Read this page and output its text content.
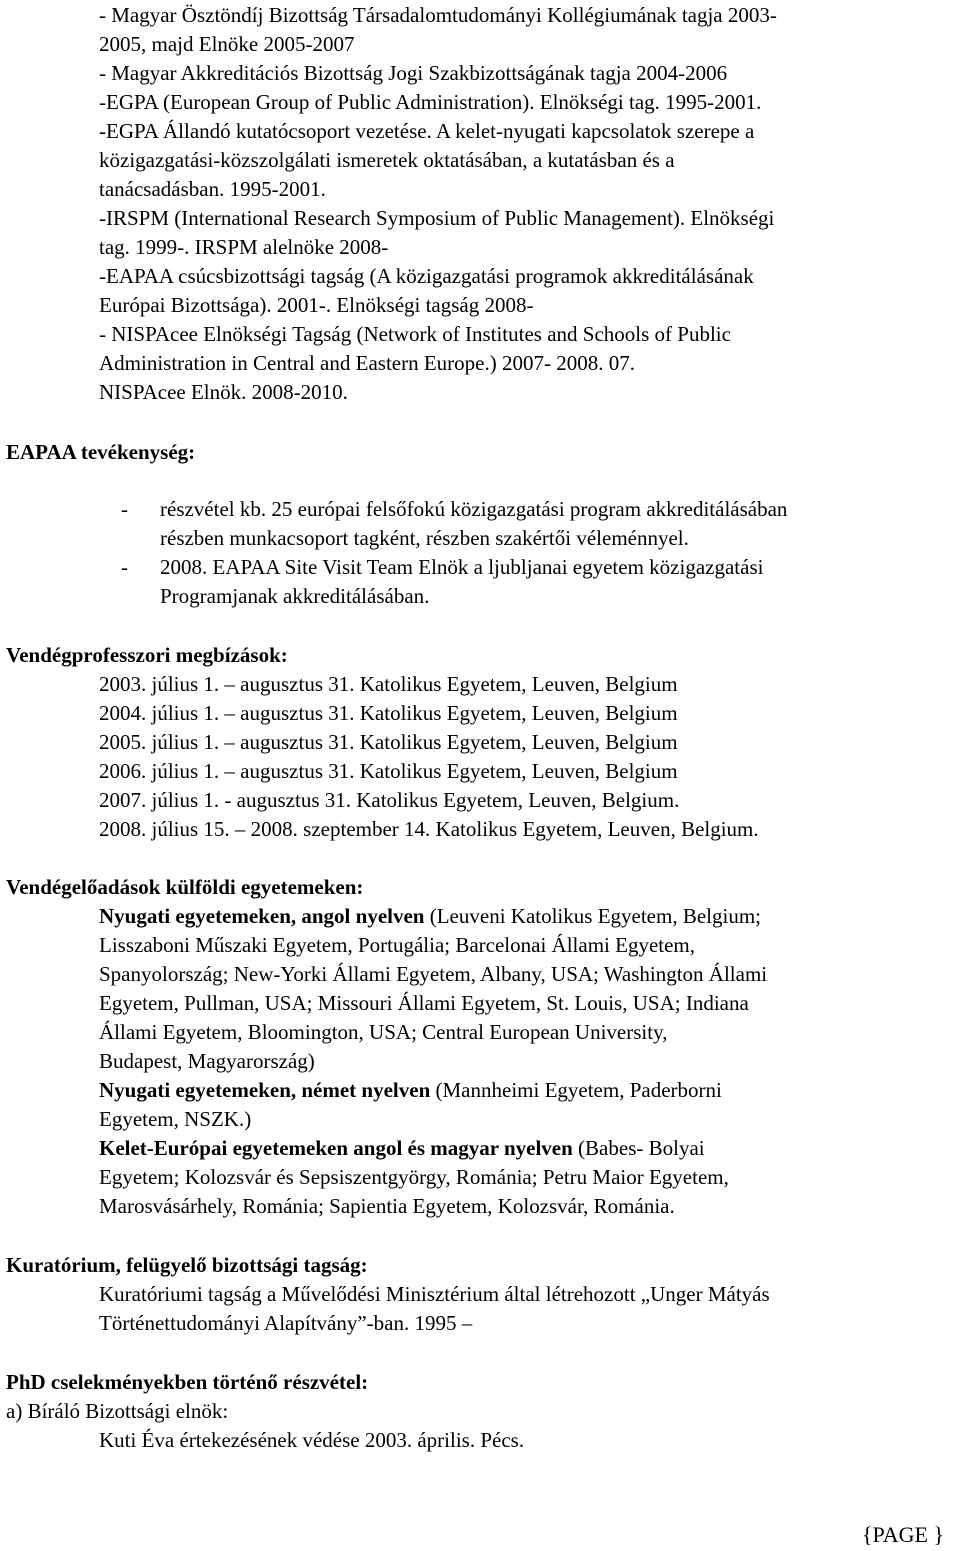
- Magyar Ösztöndíj Bizottság Társadalomtudományi Kollégiumának tagja 2003-
2005, majd Elnöke 2005-2007
- Magyar Akkreditációs Bizottság Jogi Szakbizottságának tagja 2004-2006
-EGPA (European Group of Public Administration). Elnökségi tag. 1995-2001.
-EGPA Állandó kutatócsoport vezetése. A kelet-nyugati kapcsolatok szerepe a
közigazgatási-közszolgálati ismeretek oktatásában, a kutatásban és a
tanácsadásban. 1995-2001.
-IRSPM (International Research Symposium of Public Management). Elnökségi
tag. 1999-. IRSPM alelnöke 2008-
-EAPAA csúcsbizottsági tagság (A közigazgatási programok akkreditálásának
Európai Bizottsága). 2001-. Elnökségi tagság 2008-
- NISPAcee Elnökségi Tagság (Network of Institutes and Schools of Public
Administration in Central and Eastern Europe.) 2007- 2008. 07.
NISPAcee Elnök. 2008-2010.
EAPAA tevékenység:
- részvétel kb. 25 európai felsőfokú közigazgatási program akkreditálásában
részben munkacsoport tagként, részben szakértői véleménnyel.
- 2008. EAPAA Site Visit Team Elnök a ljubljanai egyetem közigazgatási
Programjanak akkreditálásában.
Vendégprofesszori megbízások:
2003. július 1. – augusztus 31. Katolikus Egyetem, Leuven, Belgium
2004. július 1. – augusztus 31. Katolikus Egyetem, Leuven, Belgium
2005. július 1. – augusztus 31. Katolikus Egyetem, Leuven, Belgium
2006. július 1. – augusztus 31. Katolikus Egyetem, Leuven, Belgium
2007. július 1. - augusztus 31. Katolikus Egyetem, Leuven, Belgium.
2008. július 15. – 2008. szeptember 14. Katolikus Egyetem, Leuven, Belgium.
Vendégelőadások külföldi egyetemeken:
Nyugati egyetemeken, angol nyelven (Leuveni Katolikus Egyetem, Belgium;
Lisszaboni Műszaki Egyetem, Portugália; Barcelonai Állami Egyetem,
Spanyolország; New-Yorki Állami Egyetem, Albany, USA; Washington Állami
Egyetem, Pullman, USA; Missouri Állami Egyetem, St. Louis, USA; Indiana
Állami Egyetem, Bloomington, USA; Central European University,
Budapest, Magyarország)
Nyugati egyetemeken, német nyelven (Mannheimi Egyetem, Paderborni
Egyetem, NSZK.)
Kelet-Európai egyetemeken angol és magyar nyelven (Babes- Bolyai
Egyetem; Kolozsvár és Sepsiszentgyörgy, Románia; Petru Maior Egyetem,
Marosvásárhely, Románia; Sapientia Egyetem, Kolozsvár, Románia.
Kuratórium, felügyelő bizottsági tagság:
Kuratóriumi tagság a Művelődési Minisztérium által létrehozott „Unger Mátyás
Történettudományi Alapítvány”-ban. 1995 –
PhD cselekményekben történő részvétel:
a) Bíráló Bizottsági elnök:
Kuti Éva értekezésének védése 2003. április. Pécs.
{PAGE }
